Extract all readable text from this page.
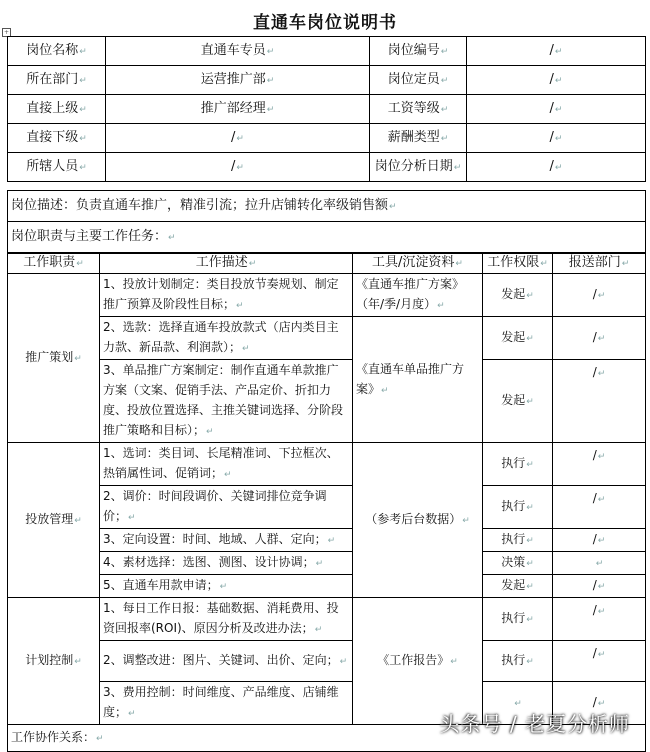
直通车岗位说明书
+
岗位名称 ↵	直通车专员 ↵	岗位编号 ↵	/ ↵
所在部门 ↵	运营推广部 ↵	岗位定员 ↵	/ ↵
直接上级 ↵	推广部经理 ↵	工资等级 ↵	/ ↵
直接下级 ↵	/ ↵	薪酬类型 ↵	/ ↵
所辖人员 ↵	/ ↵	岗位分析日期 ↵	/ ↵
岗位描述：负责直通车推广，精准引流；拉升店铺转化率级销售额 ↵
岗位职责与主要工作任务： ↵
工作职责 ↵	工作描述 ↵	工具/沉淀资料 ↵	工作权限 ↵	报送部门 ↵
推广策划 ↵	1、投放计划制定：类目投放节奏规划、制定推广预算及阶段性目标； ↵	《直通车推广方案》（年/季/月度） ↵	发起 ↵	/ ↵
	2、选款：选择直通车投放款式（店内类目主力款、新品款、利润款）； ↵	《直通车单品推广方案》 ↵	发起 ↵	/ ↵
	3、单品推广方案制定：制作直通车单款推广方案（文案、促销手法、产品定价、折扣力度、投放位置选择、主推关键词选择、分阶段推广策略和目标）； ↵		发起 ↵	/ ↵
投放管理 ↵	1、选词：类目词、长尾精准词、下拉框次、热销属性词、促销词； ↵	（参考后台数据） ↵	执行 ↵	/ ↵
	2、调价：时间段调价、关键词排位竞争调价； ↵		执行 ↵	/ ↵
	3、定向设置：时间、地域、人群、定向； ↵		执行 ↵	/ ↵
	4、素材选择：选图、测图、设计协调； ↵		决策 ↵	↵
	5、直通车用款申请； ↵		发起 ↵	/ ↵
计划控制 ↵	1、每日工作日报：基础数据、消耗费用、投资回报率(ROI)、原因分析及改进办法； ↵	《工作报告》 ↵	执行 ↵	/ ↵
	2、调整改进：图片、关键词、出价、定向； ↵		执行 ↵	/ ↵
	3、费用控制：时间维度、产品维度、店铺维度； ↵	↵		/ ↵
工作协作关系： ↵
头条号 / 老夏分析师
